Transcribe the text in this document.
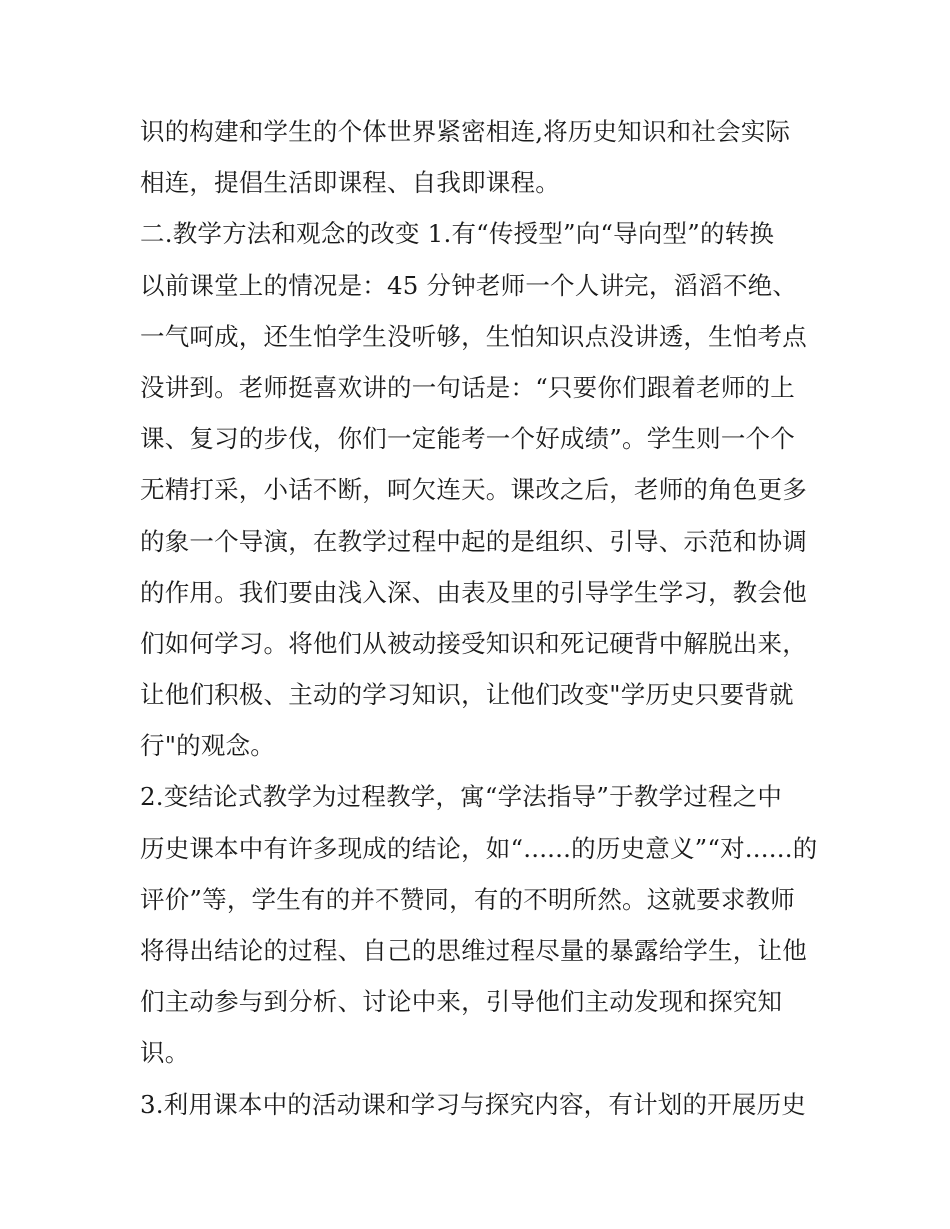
识的构建和学生的个体世界紧密相连,将历史知识和社会实际
相连，提倡生活即课程、自我即课程。
二.教学方法和观念的改变 1.有“传授型”向“导向型”的转换
以前课堂上的情况是：45 分钟老师一个人讲完，滔滔不绝、
一气呵成，还生怕学生没听够，生怕知识点没讲透，生怕考点
没讲到。老师挺喜欢讲的一句话是：“只要你们跟着老师的上
课、复习的步伐，你们一定能考一个好成绩”。学生则一个个
无精打采，小话不断，呵欠连天。课改之后，老师的角色更多
的象一个导演，在教学过程中起的是组织、引导、示范和协调
的作用。我们要由浅入深、由表及里的引导学生学习，教会他
们如何学习。将他们从被动接受知识和死记硬背中解脱出来，
让他们积极、主动的学习知识，让他们改变"学历史只要背就
行"的观念。
2.变结论式教学为过程教学，寓“学法指导”于教学过程之中
历史课本中有许多现成的结论，如“......的历史意义”“对......的
评价”等，学生有的并不赞同，有的不明所然。这就要求教师
将得出结论的过程、自己的思维过程尽量的暴露给学生，让他
们主动参与到分析、讨论中来，引导他们主动发现和探究知
识。
3.利用课本中的活动课和学习与探究内容，有计划的开展历史
